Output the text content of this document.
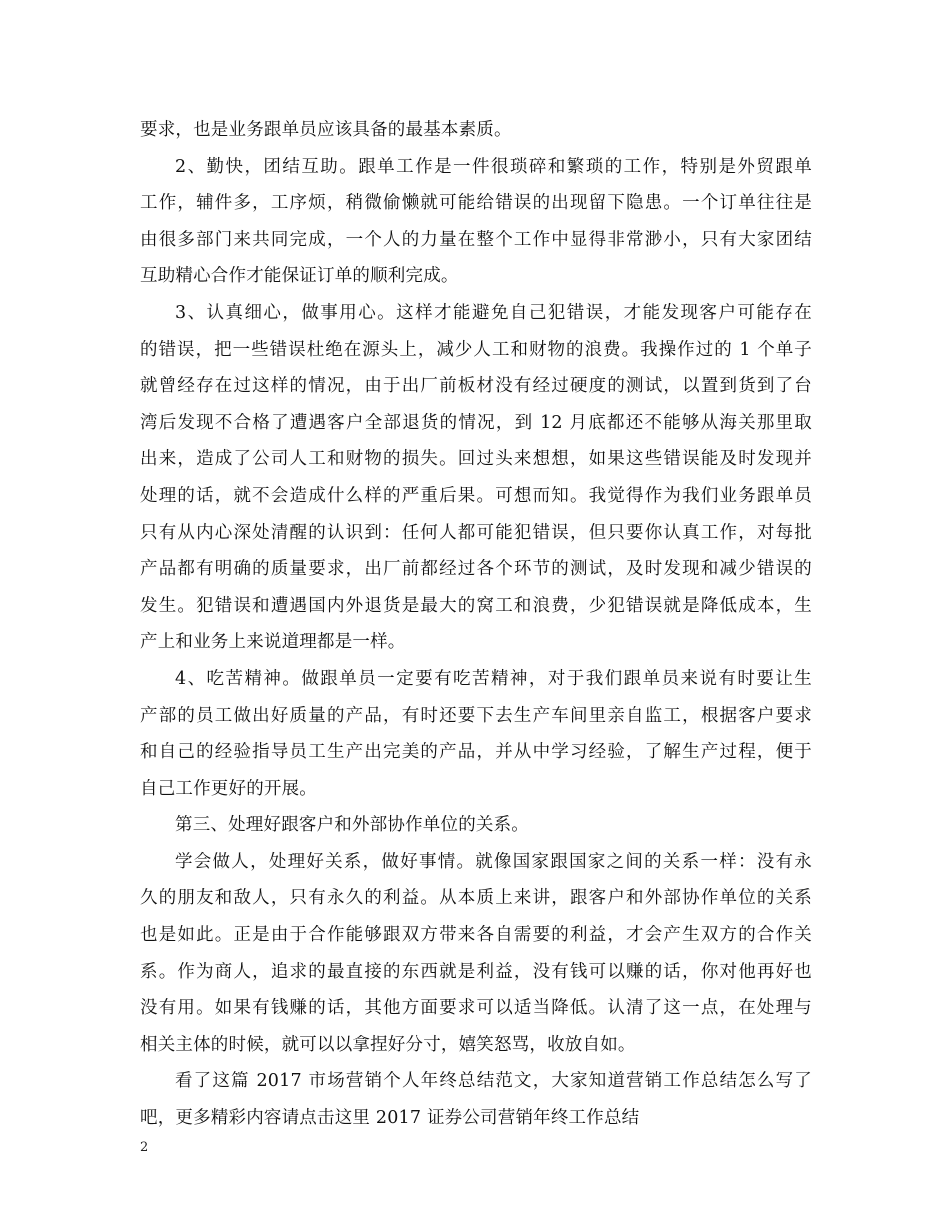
要求，也是业务跟单员应该具备的最基本素质。
2、勤快，团结互助。跟单工作是一件很琐碎和繁琐的工作，特别是外贸跟单
工作，辅件多，工序烦，稍微偷懒就可能给错误的出现留下隐患。一个订单往往是
由很多部门来共同完成，一个人的力量在整个工作中显得非常渺小，只有大家团结
互助精心合作才能保证订单的顺利完成。
3、认真细心，做事用心。这样才能避免自己犯错误，才能发现客户可能存在
的错误，把一些错误杜绝在源头上，减少人工和财物的浪费。我操作过的 1 个单子
就曾经存在过这样的情况，由于出厂前板材没有经过硬度的测试，以置到货到了台
湾后发现不合格了遭遇客户全部退货的情况，到 12 月底都还不能够从海关那里取
出来，造成了公司人工和财物的损失。回过头来想想，如果这些错误能及时发现并
处理的话，就不会造成什么样的严重后果。可想而知。我觉得作为我们业务跟单员
只有从内心深处清醒的认识到：任何人都可能犯错误，但只要你认真工作，对每批
产品都有明确的质量要求，出厂前都经过各个环节的测试，及时发现和减少错误的
发生。犯错误和遭遇国内外退货是最大的窝工和浪费，少犯错误就是降低成本，生
产上和业务上来说道理都是一样。
4、吃苦精神。做跟单员一定要有吃苦精神，对于我们跟单员来说有时要让生
产部的员工做出好质量的产品，有时还要下去生产车间里亲自监工，根据客户要求
和自己的经验指导员工生产出完美的产品，并从中学习经验，了解生产过程，便于
自己工作更好的开展。
第三、处理好跟客户和外部协作单位的关系。
学会做人，处理好关系，做好事情。就像国家跟国家之间的关系一样：没有永
久的朋友和敌人，只有永久的利益。从本质上来讲，跟客户和外部协作单位的关系
也是如此。正是由于合作能够跟双方带来各自需要的利益，才会产生双方的合作关
系。作为商人，追求的最直接的东西就是利益，没有钱可以赚的话，你对他再好也
没有用。如果有钱赚的话，其他方面要求可以适当降低。认清了这一点，在处理与
相关主体的时候，就可以以拿捏好分寸，嬉笑怒骂，收放自如。
看了这篇 2017 市场营销个人年终总结范文，大家知道营销工作总结怎么写了
吧，更多精彩内容请点击这里 2017 证券公司营销年终工作总结
2
